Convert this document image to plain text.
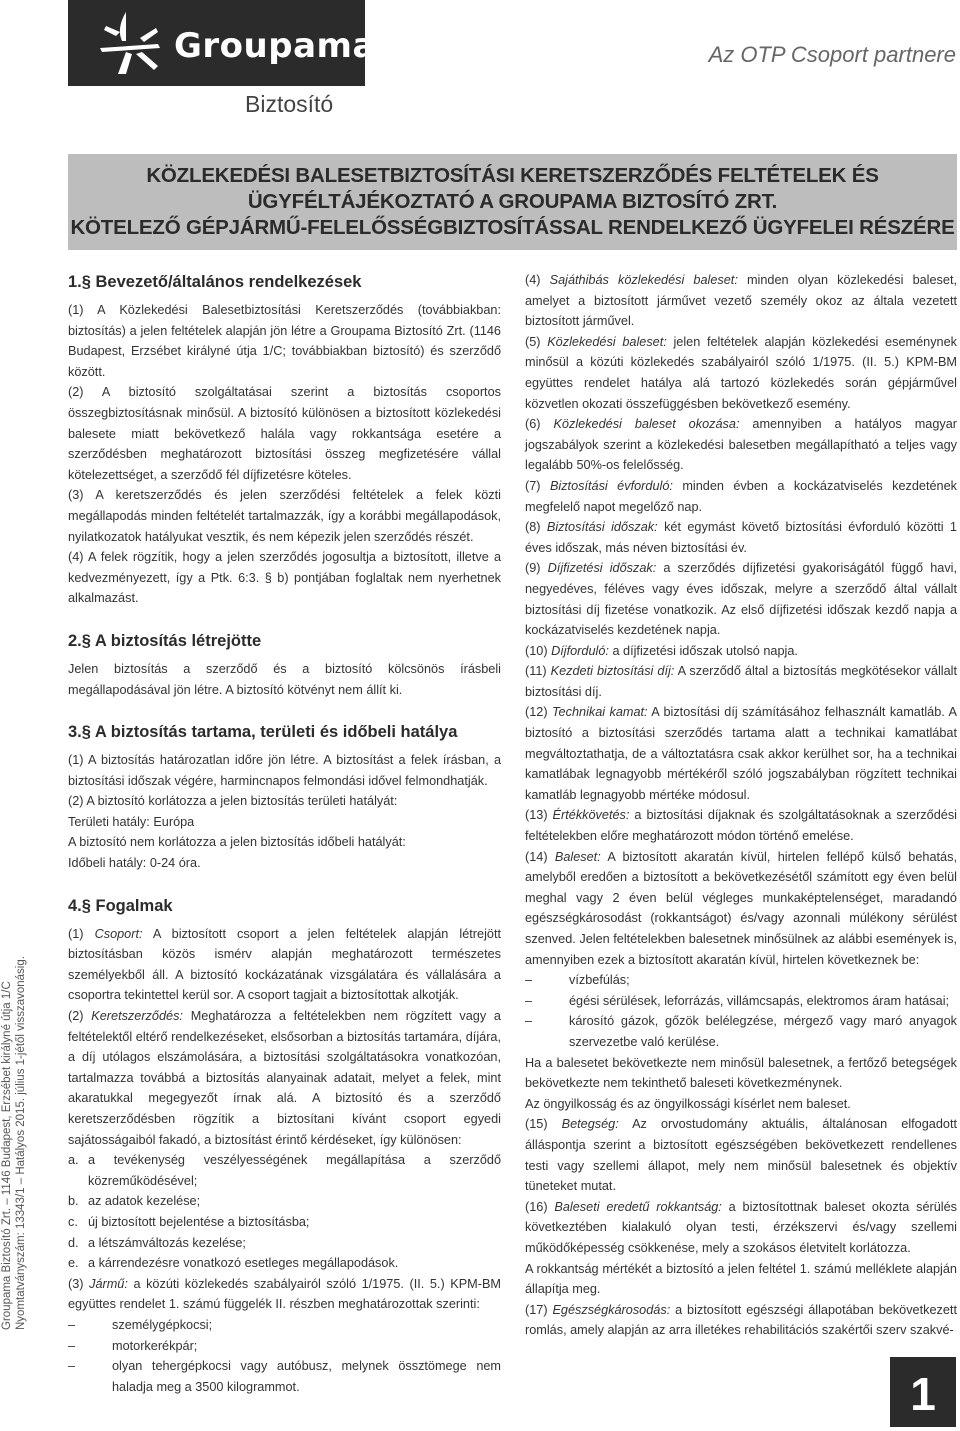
Groupama
Biztosító
Az OTP Csoport partnere
KÖZLEKEDÉSI BALESETBIZTOSÍTÁSI KERETSZERZŐDÉS FELTÉTELEK ÉS
ÜGYFÉLTÁJÉKOZTATÓ A GROUPAMA BIZTOSÍTÓ ZRT.
KÖTELEZŐ GÉPJÁRMŰ-FELELŐSSÉGBIZTOSÍTÁSSAL RENDELKEZŐ ÜGYFELEI RÉSZÉRE
1.§ Bevezető/általános rendelkezések

(1) A Közlekedési Balesetbiztosítási Keretszerződés (továbbiakban: biztosítás) a jelen feltételek alapján jön létre a Groupama Biztosító Zrt. (1146 Budapest, Erzsébet királyné útja 1/C; továbbiakban biztosító) és szerződő között.

(2) A biztosító szolgáltatásai szerint a biztosítás csoportos összegbiztosításnak minősül. A biztosító különösen a biztosított közlekedési balesete miatt bekövetkező halála vagy rokkantsága esetére a szerződésben meghatározott biztosítási összeg megfizetésére vállal kötelezettséget, a szerződő fél díjfizetésre köteles.

(3) A keretszerződés és jelen szerződési feltételek a felek közti megállapodás minden feltételét tartalmazzák, így a korábbi megállapodások, nyilatkozatok hatályukat vesztik, és nem képezik jelen szerződés részét.

(4) A felek rögzítik, hogy a jelen szerződés jogosultja a biztosított, illetve a kedvezményezett, így a Ptk. 6:3. § b) pontjában foglaltak nem nyerhetnek alkalmazást.

2.§ A biztosítás létrejötte

Jelen biztosítás a szerződő és a biztosító kölcsönös írásbeli megállapodásával jön létre. A biztosító kötvényt nem állít ki.

3.§ A biztosítás tartama, területi és időbeli hatálya

(1) A biztosítás határozatlan időre jön létre. A biztosítást a felek írásban, a biztosítási időszak végére, harmincnapos felmondási idővel felmondhatják.

(2) A biztosító korlátozza a jelen biztosítás területi hatályát:

Területi hatály: Európa

A biztosító nem korlátozza a jelen biztosítás időbeli hatályát:

Időbeli hatály: 0-24 óra.

4.§ Fogalmak

(1) Csoport: A biztosított csoport a jelen feltételek alapján létrejött biztosításban közös ismérv alapján meghatározott természetes személyekből áll. A biztosító kockázatának vizsgálatára és vállalására a csoportra tekintettel kerül sor. A csoport tagjait a biztosítottak alkotják.

(2) Keretszerződés: Meghatározza a feltételekben nem rögzített vagy a feltételektől eltérő rendelkezéseket, elsősorban a biztosítás tartamára, díjára, a díj utólagos elszámolására, a biztosítási szolgáltatásokra vonatkozóan, tartalmazza továbbá a biztosítás alanyainak adatait, melyet a felek, mint akaratukkal megegyezőt írnak alá. A biztosító és a szerződő keretszerződésben rögzítik a biztosítani kívánt csoport egyedi sajátosságaiból fakadó, a biztosítást érintő kérdéseket, így különösen:

a. a tevékenység veszélyességének megállapítása a szerződő közreműködésével;
b. az adatok kezelése;
c. új biztosított bejelentése a biztosításba;
d. a létszámváltozás kezelése;
e. a kárrendezésre vonatkozó esetleges megállapodások.

(3) Jármű: a közúti közlekedés szabályairól szóló 1/1975. (II. 5.) KPM-BM együttes rendelet 1. számú függelék II. részben meghatározottak szerinti:

–	személygépkocsi;
–	motorkerékpár;
–	olyan tehergépkocsi vagy autóbusz, melynek össztömege nem haladja meg a 3500 kilogrammot.

(4) Sajáthibás közlekedési baleset: minden olyan közlekedési baleset, amelyet a biztosított járművet vezető személy okoz az általa vezetett biztosított járművel.

(5) Közlekedési baleset: jelen feltételek alapján közlekedési eseménynek minősül a közúti közlekedés szabályairól szóló 1/1975. (II. 5.) KPM-BM együttes rendelet hatálya alá tartozó közlekedés során gépjárművel közvetlen okozati összefüggésben bekövetkező esemény.

(6) Közlekedési baleset okozása: amennyiben a hatályos magyar jogszabályok szerint a közlekedési balesetben megállapítható a teljes vagy legalább 50%-os felelősség.

(7) Biztosítási évforduló: minden évben a kockázatviselés kezdetének megfelelő napot megelőző nap.

(8) Biztosítási időszak: két egymást követő biztosítási évforduló közötti 1 éves időszak, más néven biztosítási év.

(9) Díjfizetési időszak: a szerződés díjfizetési gyakoriságától függő havi, negyedéves, féléves vagy éves időszak, melyre a szerződő által vállalt biztosítási díj fizetése vonatkozik. Az első díjfizetési időszak kezdő napja a kockázatviselés kezdetének napja.

(10) Díjforduló: a díjfizetési időszak utolsó napja.

(11) Kezdeti biztosítási díj: A szerződő által a biztosítás megkötésekor vállalt biztosítási díj.

(12) Technikai kamat: A biztosítási díj számításához felhasznált kamatláb. A biztosító a biztosítási szerződés tartama alatt a technikai kamatlábat megváltoztathatja, de a változtatásra csak akkor kerülhet sor, ha a technikai kamatlábak legnagyobb mértékéről szóló jogszabályban rögzített technikai kamatláb legnagyobb mértéke módosul.

(13) Értékkövetés: a biztosítási díjaknak és szolgáltatásoknak a szerződési feltételekben előre meghatározott módon történő emelése.

(14) Baleset: A biztosított akaratán kívül, hirtelen fellépő külső behatás, amelyből eredően a biztosított a bekövetkezésétől számított egy éven belül meghal vagy 2 éven belül végleges munkaképtelenséget, maradandó egészségkárosodást (rokkantságot) és/vagy azonnali múlékony sérülést szenved. Jelen feltételekben balesetnek minősülnek az alábbi események is, amennyiben ezek a biztosított akaratán kívül, hirtelen következnek be:

–	vízbefúlás;
–	égési sérülések, leforrázás, villámcsapás, elektromos áram hatásai;
–	károsító gázok, gőzök belélegzése, mérgező vagy maró anyagok szervezetbe való kerülése.

Ha a balesetet bekövetkezte nem minősül balesetnek, a fertőző betegségek bekövetkezte nem tekinthető baleseti következménynek.

Az öngyilkosság és az öngyilkossági kísérlet nem baleset.

(15) Betegség: Az orvostudomány aktuális, általánosan elfogadott álláspontja szerint a biztosított egészségében bekövetkezett rendellenes testi vagy szellemi állapot, mely nem minősül balesetnek és objektív tüneteket mutat.

(16) Baleseti eredetű rokkantság: a biztosítottnak baleset okozta sérülés következtében kialakuló olyan testi, érzékszervi és/vagy szellemi működőképesség csökkenése, mely a szokásos életvitelt korlátozza.

A rokkantság mértékét a biztosító a jelen feltétel 1. számú melléklete alapján állapítja meg.

(17) Egészségkárosodás: a biztosított egészségi állapotában bekövetkezett romlás, amely alapján az arra illetékes rehabilitációs szakértői szerv szakvé-

Groupama Biztosító Zrt. – 1146 Budapest, Erzsébet királyné útja 1/C Nyomtatványszám: 13343/1 – Hatályos 2015. július 1-jétől visszavonásig.
1
